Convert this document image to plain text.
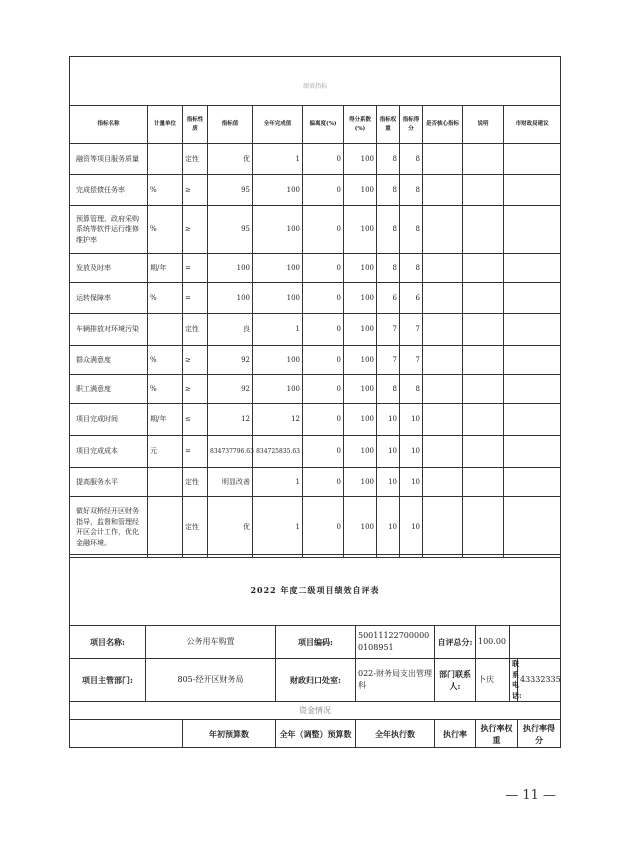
绩效指标											
指标名称	计量单位	指标性质	指标值	全年完成值	偏离度(%)	得分系数(%)	指标权重	指标得分	是否核心指标	说明	市财政局建议
融资等项目服务质量		定性	优	1	0	100	8	8			
完成偿债任务率	%	≥	95	100	0	100	8	8			
预算管理、政府采购系统等软件运行维修维护率	%	≥	95	100	0	100	8	8			
发放及时率	期/年	=	100	100	0	100	8	8			
运转保障率	%	=	100	100	0	100	6	6			
车辆排放对环境污染		定性	良	1	0	100	7	7			
群众满意度	%	≥	92	100	0	100	7	7			
职工满意度	%	≥	92	100	0	100	8	8			
项目完成时间	期/年	≤	12	12	0	100	10	10			
项目完成成本	元	=	834737796.63	834725835.63	0	100	10	10			
提高服务水平		定性	明显改善	1	0	100	10	10			
做好双桥经开区财务指导，监督和管理经开区会计工作，优化金融环境。		定性	优	1	0	100	10	10			
2022 年度二级项目绩效自评表								
项目名称:	公务用车购置		项目编码:	500111227000000108951	自评总分:	100.00		
项目主管部门:	805-经开区财务局		财政归口处室:	022-财务局支出管理科	部门联系人:	卜庆	联系电话:	43332335
资金情况								
		年初预算数	全年（调整）预算数	全年执行数	执行率	执行率权重		执行率得分
— 11 —
